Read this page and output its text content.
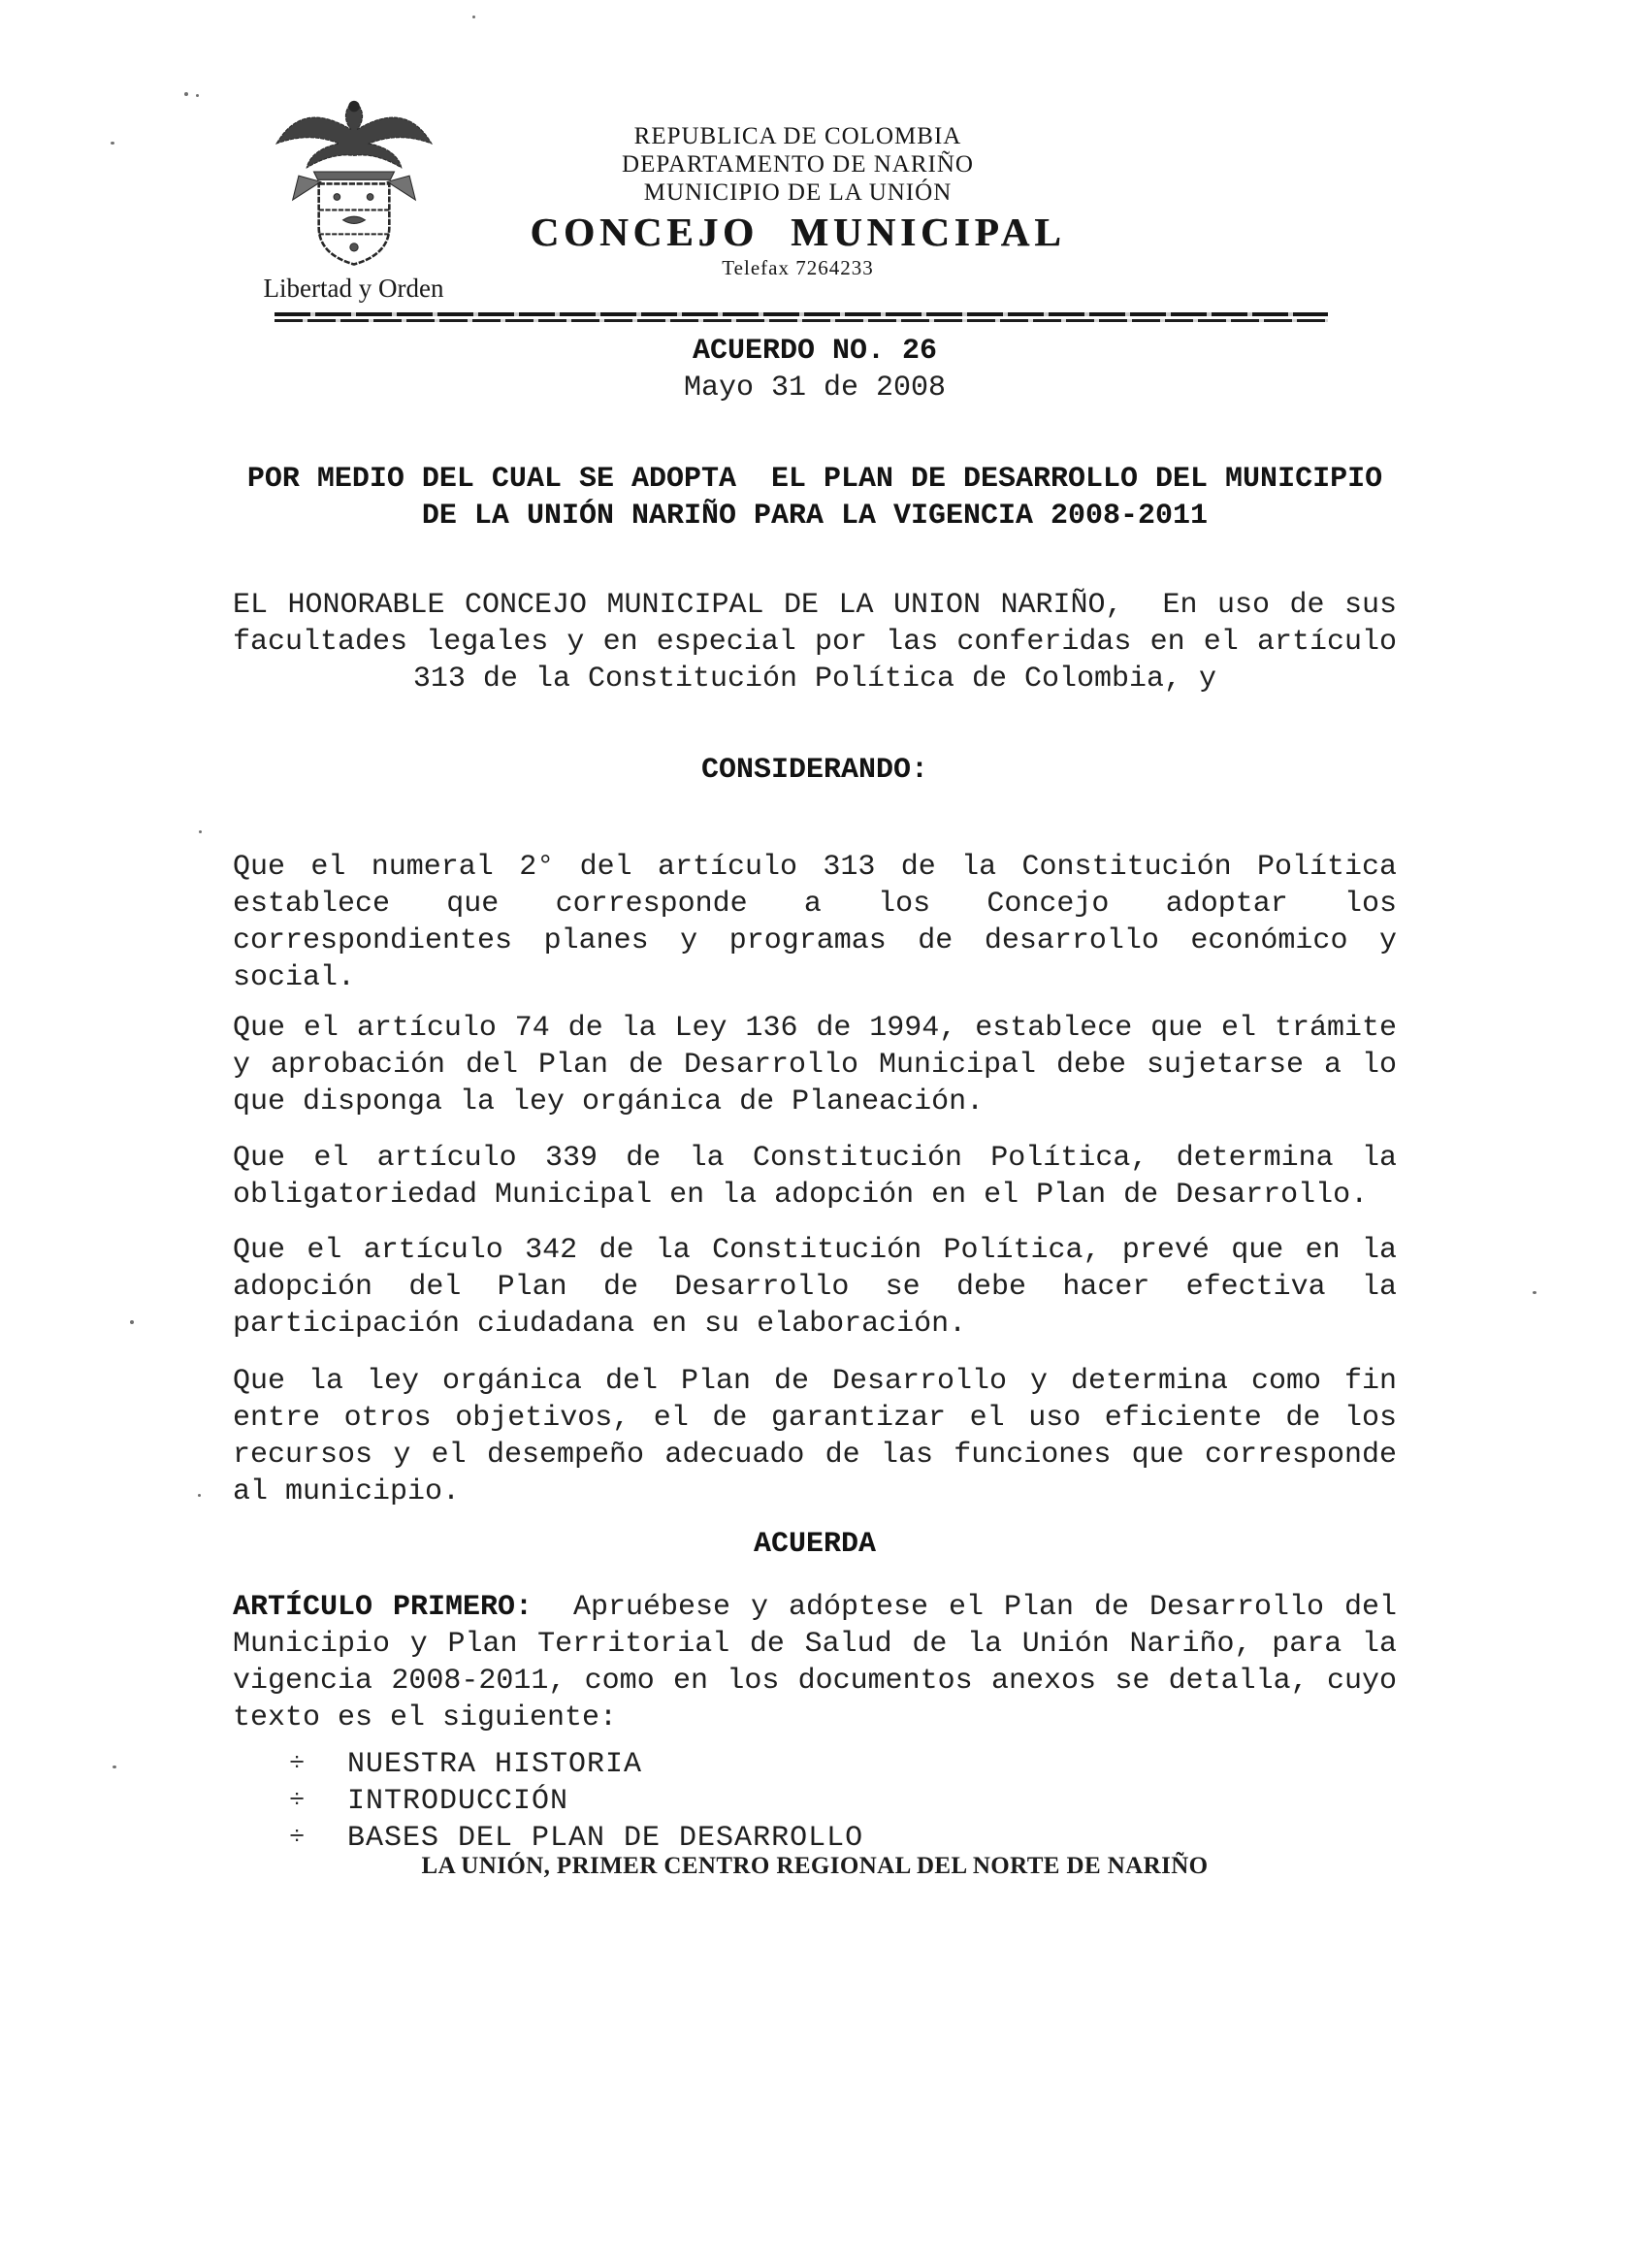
Libertad y Orden
REPUBLICA DE COLOMBIA
DEPARTAMENTO DE NARIÑO
MUNICIPIO DE LA UNIÓN
CONCEJO MUNICIPAL
Telefax 7264233
ACUERDO NO. 26
Mayo 31 de 2008
POR MEDIO DEL CUAL SE ADOPTA  EL PLAN DE DESARROLLO DEL MUNICIPIO
DE LA UNIÓN NARIÑO PARA LA VIGENCIA 2008-2011
EL HONORABLE CONCEJO MUNICIPAL DE LA UNION NARIÑO,  En uso de sus
facultades legales y en especial por las conferidas en el artículo
313 de la Constitución Política de Colombia, y
CONSIDERANDO:
Que el numeral 2° del artículo 313 de la Constitución Política
establece que corresponde a los Concejo adoptar los
correspondientes planes y programas de desarrollo económico y
social.
Que el artículo 74 de la Ley 136 de 1994, establece que el trámite
y aprobación del Plan de Desarrollo Municipal debe sujetarse a lo
que disponga la ley orgánica de Planeación.
Que el artículo 339 de la Constitución Política, determina la
obligatoriedad Municipal en la adopción en el Plan de Desarrollo.
Que el artículo 342 de la Constitución Política, prevé que en la
adopción del Plan de Desarrollo se debe hacer efectiva la
participación ciudadana en su elaboración.
Que la ley orgánica del Plan de Desarrollo y determina como fin
entre otros objetivos, el de garantizar el uso eficiente de los
recursos y el desempeño adecuado de las funciones que corresponde
al municipio.
ACUERDA
ARTÍCULO PRIMERO:  Apruébese y adóptese el Plan de Desarrollo del
Municipio y Plan Territorial de Salud de la Unión Nariño, para la
vigencia 2008-2011, como en los documentos anexos se detalla, cuyo
texto es el siguiente:
÷ NUESTRA HISTORIA
÷ INTRODUCCIÓN
÷ BASES DEL PLAN DE DESARROLLO
LA UNIÓN, PRIMER CENTRO REGIONAL DEL NORTE DE NARIÑO
